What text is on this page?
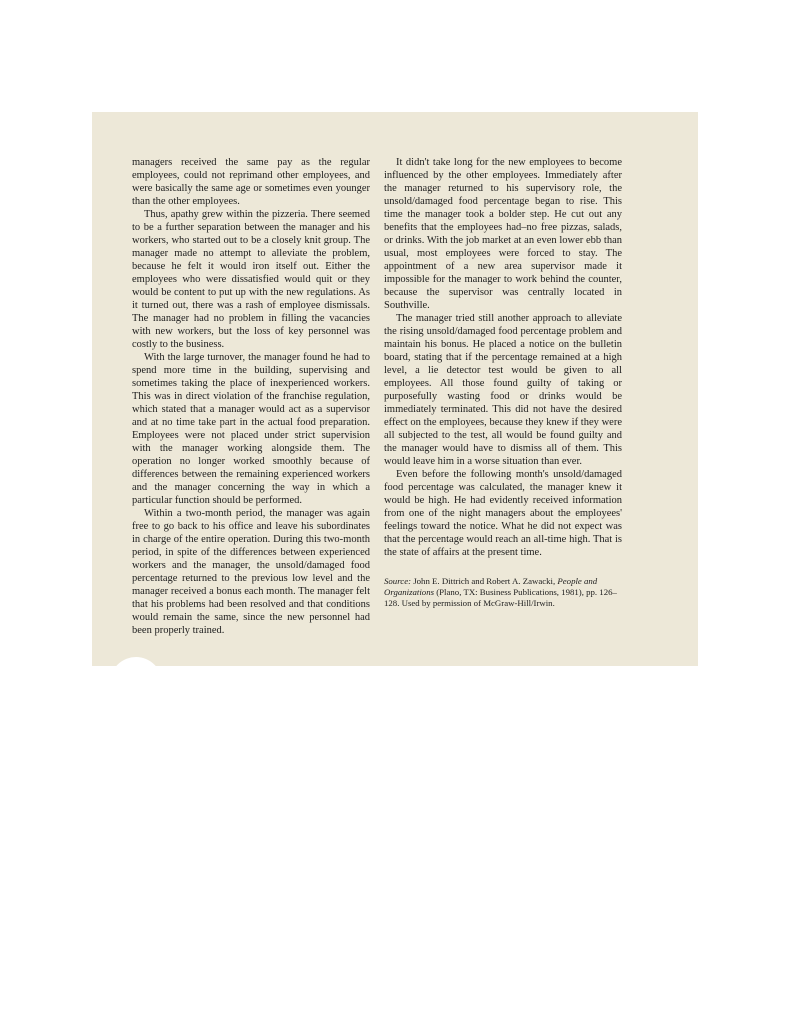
managers received the same pay as the regular employees, could not reprimand other employees, and were basically the same age or sometimes even younger than the other employees.

Thus, apathy grew within the pizzeria. There seemed to be a further separation between the manager and his workers, who started out to be a closely knit group. The manager made no attempt to alleviate the problem, because he felt it would iron itself out. Either the employees who were dissatisfied would quit or they would be content to put up with the new regulations. As it turned out, there was a rash of employee dismissals. The manager had no problem in filling the vacancies with new workers, but the loss of key personnel was costly to the business.

With the large turnover, the manager found he had to spend more time in the building, supervising and sometimes taking the place of inexperienced workers. This was in direct violation of the franchise regulation, which stated that a manager would act as a supervisor and at no time take part in the actual food preparation. Employees were not placed under strict supervision with the manager working alongside them. The operation no longer worked smoothly because of differences between the remaining experienced workers and the manager concerning the way in which a particular function should be performed.

Within a two-month period, the manager was again free to go back to his office and leave his subordinates in charge of the entire operation. During this two-month period, in spite of the differences between experienced workers and the manager, the unsold/damaged food percentage returned to the previous low level and the manager received a bonus each month. The manager felt that his problems had been resolved and that conditions would remain the same, since the new personnel had been properly trained.

It didn't take long for the new employees to become influenced by the other employees. Immediately after the manager returned to his supervisory role, the unsold/damaged food percentage began to rise. This time the manager took a bolder step. He cut out any benefits that the employees had–no free pizzas, salads, or drinks. With the job market at an even lower ebb than usual, most employees were forced to stay. The appointment of a new area supervisor made it impossible for the manager to work behind the counter, because the supervisor was centrally located in Southville.

The manager tried still another approach to alleviate the rising unsold/damaged food percentage problem and maintain his bonus. He placed a notice on the bulletin board, stating that if the percentage remained at a high level, a lie detector test would be given to all employees. All those found guilty of taking or purposefully wasting food or drinks would be immediately terminated. This did not have the desired effect on the employees, because they knew if they were all subjected to the test, all would be found guilty and the manager would have to dismiss all of them. This would leave him in a worse situation than ever.

Even before the following month's unsold/damaged food percentage was calculated, the manager knew it would be high. He had evidently received information from one of the night managers about the employees' feelings toward the notice. What he did not expect was that the percentage would reach an all-time high. That is the state of affairs at the present time.

Source: John E. Dittrich and Robert A. Zawacki, People and Organizations (Plano, TX: Business Publications, 1981), pp. 126–128. Used by permission of McGraw-Hill/Irwin.
